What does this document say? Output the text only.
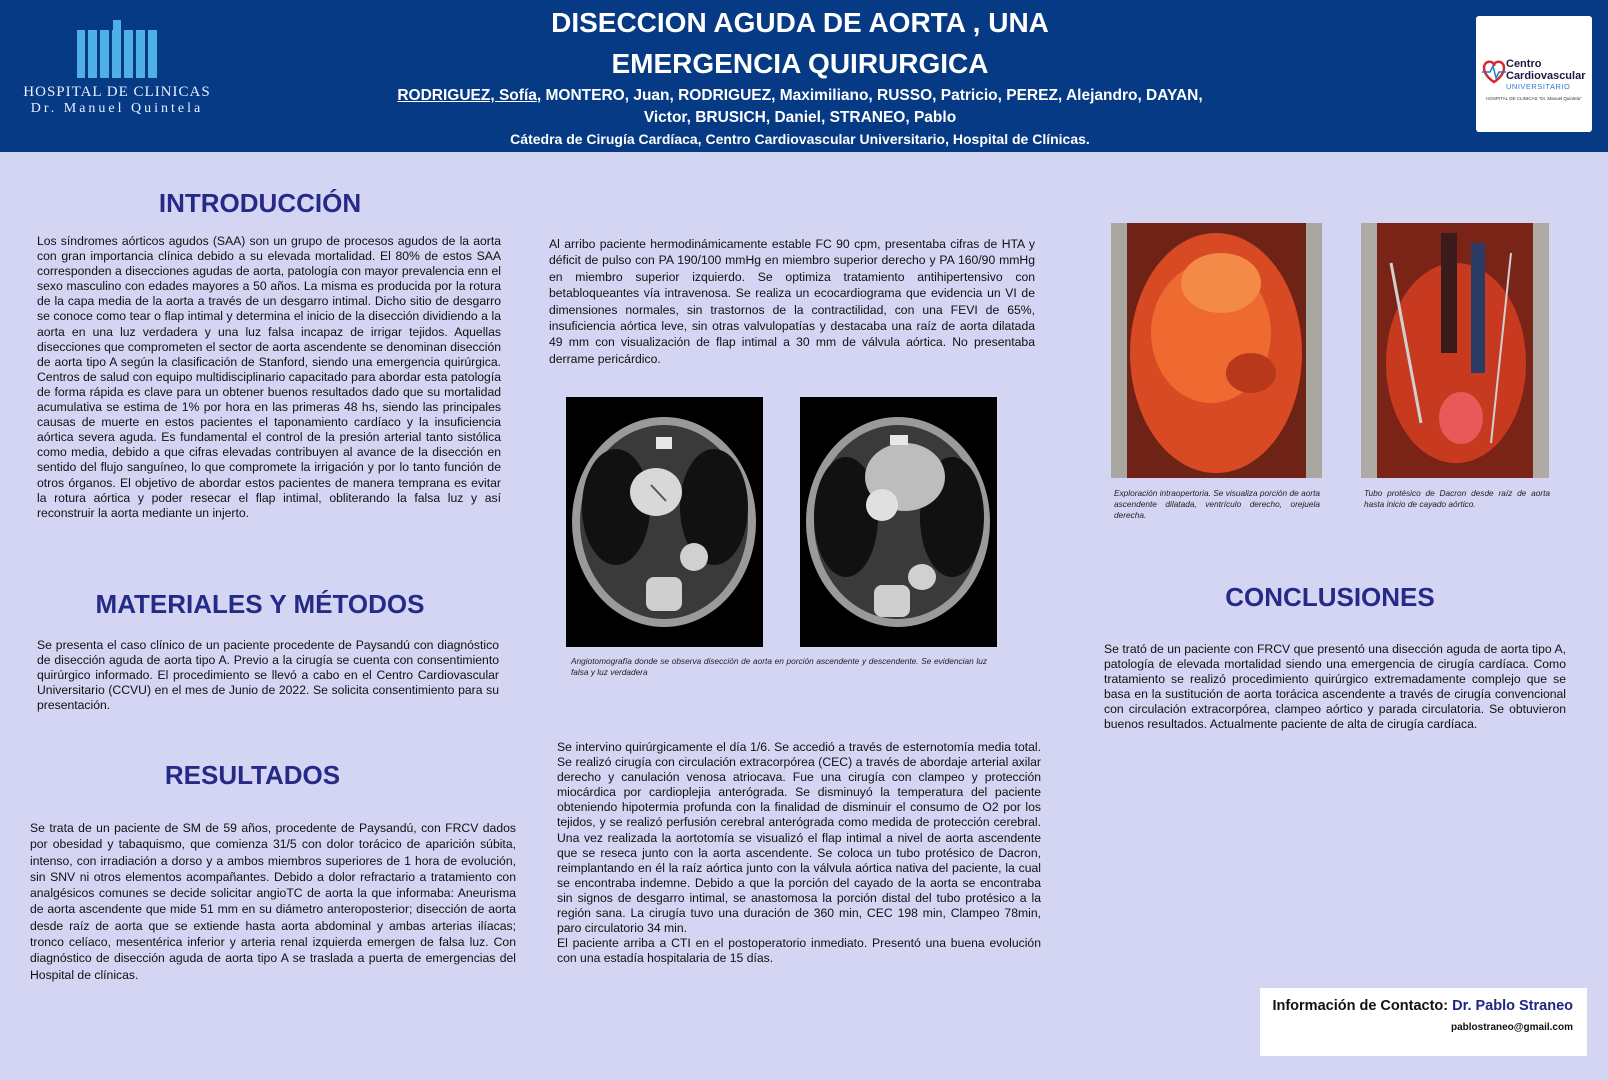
HOSPITAL DE CLINICAS
Dr. Manuel Quintela
DISECCION AGUDA DE AORTA , UNA
EMERGENCIA QUIRURGICA
RODRIGUEZ, Sofía, MONTERO, Juan, RODRIGUEZ, Maximiliano, RUSSO, Patricio, PEREZ, Alejandro, DAYAN,
Victor, BRUSICH, Daniel, STRANEO, Pablo
Cátedra de Cirugía Cardíaca, Centro Cardiovascular Universitario, Hospital de Clínicas.
Centro
Cardiovascular
UNIVERSITARIO
HOSPITAL DE CLINICAS "Dr. Manuel Quintela"
INTRODUCCIÓN
Los síndromes aórticos agudos (SAA) son un grupo de procesos agudos de la aorta con gran importancia clínica debido a su elevada mortalidad. El 80% de estos SAA corresponden a disecciones agudas de aorta, patología con mayor prevalencia enn el sexo masculino con edades mayores a 50 años. La misma es producida por la rotura de la capa media de la aorta a través de un desgarro intimal. Dicho sitio de desgarro se conoce como tear o flap intimal y determina el inicio de la disección dividiendo a la aorta en una luz verdadera y una luz falsa incapaz de irrigar tejidos. Aquellas disecciones que comprometen el sector de aorta ascendente se denominan disección de aorta tipo A según la clasificación de Stanford, siendo una emergencia quirúrgica. Centros de salud con equipo multidisciplinario capacitado para abordar esta patología de forma rápida es clave para un obtener buenos resultados dado que su mortalidad acumulativa se estima de 1% por hora en las primeras 48 hs, siendo las principales causas de muerte en estos pacientes el taponamiento cardíaco y la insuficiencia aórtica severa aguda. Es fundamental el control de la presión arterial tanto sistólica como media, debido a que cifras elevadas contribuyen al avance de la disección en sentido del flujo sanguíneo, lo que compromete la irrigación y por lo tanto función de otros órganos. El objetivo de abordar estos pacientes de manera temprana es evitar la rotura aórtica y poder resecar el flap intimal, obliterando la falsa luz y así reconstruir la aorta mediante un injerto.
MATERIALES Y MÉTODOS
Se presenta el caso clínico de un paciente procedente de Paysandú con diagnóstico de disección aguda de aorta tipo A. Previo a la cirugía se cuenta con consentimiento quirúrgico informado. El procedimiento se llevó a cabo en el Centro Cardiovascular Universitario (CCVU) en el mes de Junio de 2022. Se solicita consentimiento para su presentación.
RESULTADOS
Se trata de un paciente de SM de 59 años, procedente de Paysandú, con FRCV dados por obesidad y tabaquismo, que comienza 31/5 con dolor torácico de aparición súbita, intenso, con irradiación a dorso y a ambos miembros superiores de 1 hora de evolución, sin SNV ni otros elementos acompañantes. Debido a dolor refractario a tratamiento con analgésicos comunes se decide solicitar angioTC de aorta la que informaba: Aneurisma de aorta ascendente que mide 51 mm en su diámetro anteroposterior; disección de aorta desde raíz de aorta que se extiende hasta aorta abdominal y ambas arterias ilíacas; tronco celíaco, mesentérica inferior y arteria renal izquierda emergen de falsa luz. Con diagnóstico de disección aguda de aorta tipo A se traslada a puerta de emergencias del Hospital de clínicas.
Al arribo paciente hermodinámicamente estable FC 90 cpm, presentaba cifras de HTA y déficit de pulso con PA 190/100 mmHg en miembro superior derecho y PA 160/90 mmHg en miembro superior izquierdo. Se optimiza tratamiento antihipertensivo con betabloqueantes vía intravenosa. Se realiza un ecocardiograma que evidencia un VI de dimensiones normales, sin trastornos de la contractilidad, con una FEVI de 65%, insuficiencia aórtica leve, sin otras valvulopatías y destacaba una raíz de aorta dilatada 49 mm con visualización de flap intimal a 30 mm de válvula aórtica. No presentaba derrame pericárdico.
Angiotomografía donde se observa disección de aorta en porción ascendente y descendente. Se evidencian luz falsa y luz verdadera

Se intervino quirúrgicamente el día 1/6. Se accedió a través de esternotomía media total. Se realizó cirugía con circulación extracorpórea (CEC) a través de abordaje arterial axilar derecho y canulación venosa atriocava. Fue una cirugía con clampeo y protección miocárdica por cardioplejia anterógrada. Se disminuyó la temperatura del paciente obteniendo hipotermia profunda con la finalidad de disminuir el consumo de O2 por los tejidos, y se realizó perfusión cerebral anterógrada como medida de protección cerebral. Una vez realizada la aortotomía se visualizó el flap intimal a nivel de aorta ascendente que se reseca junto con la aorta ascendente. Se coloca un tubo protésico de Dacron, reimplantando en él la raíz aórtica junto con la válvula aórtica nativa del paciente, la cual se encontraba indemne. Debido a que la porción del cayado de la aorta se encontraba sin signos de desgarro intimal, se anastomosa la porción distal del tubo protésico a la región sana. La cirugía tuvo una duración de 360 min, CEC 198 min, Clampeo 78min, paro circulatorio 34 min.

El paciente arriba a CTI en el postoperatorio inmediato. Presentó una buena evolución con una estadía hospitalaria de 15 días.

Exploración intraopertoria. Se visualiza porción de aorta ascendente dilatada, ventrículo derecho, orejuela derecha.
Tubo protésico de Dacron desde raíz de aorta hasta inicio de cayado aórtico.
CONCLUSIONES
Se trató de un paciente con FRCV que presentó una disección aguda de aorta tipo A, patología de elevada mortalidad siendo una emergencia de cirugía cardíaca. Como tratamiento se realizó procedimiento quirúrgico extremadamente complejo que se basa en la sustitución de aorta torácica ascendente a través de cirugía convencional con circulación extracorpórea, clampeo aórtico y parada circulatoria. Se obtuvieron buenos resultados. Actualmente paciente de alta de cirugía cardíaca.
Información de Contacto: Dr. Pablo Straneo
pablostraneo@gmail.com
